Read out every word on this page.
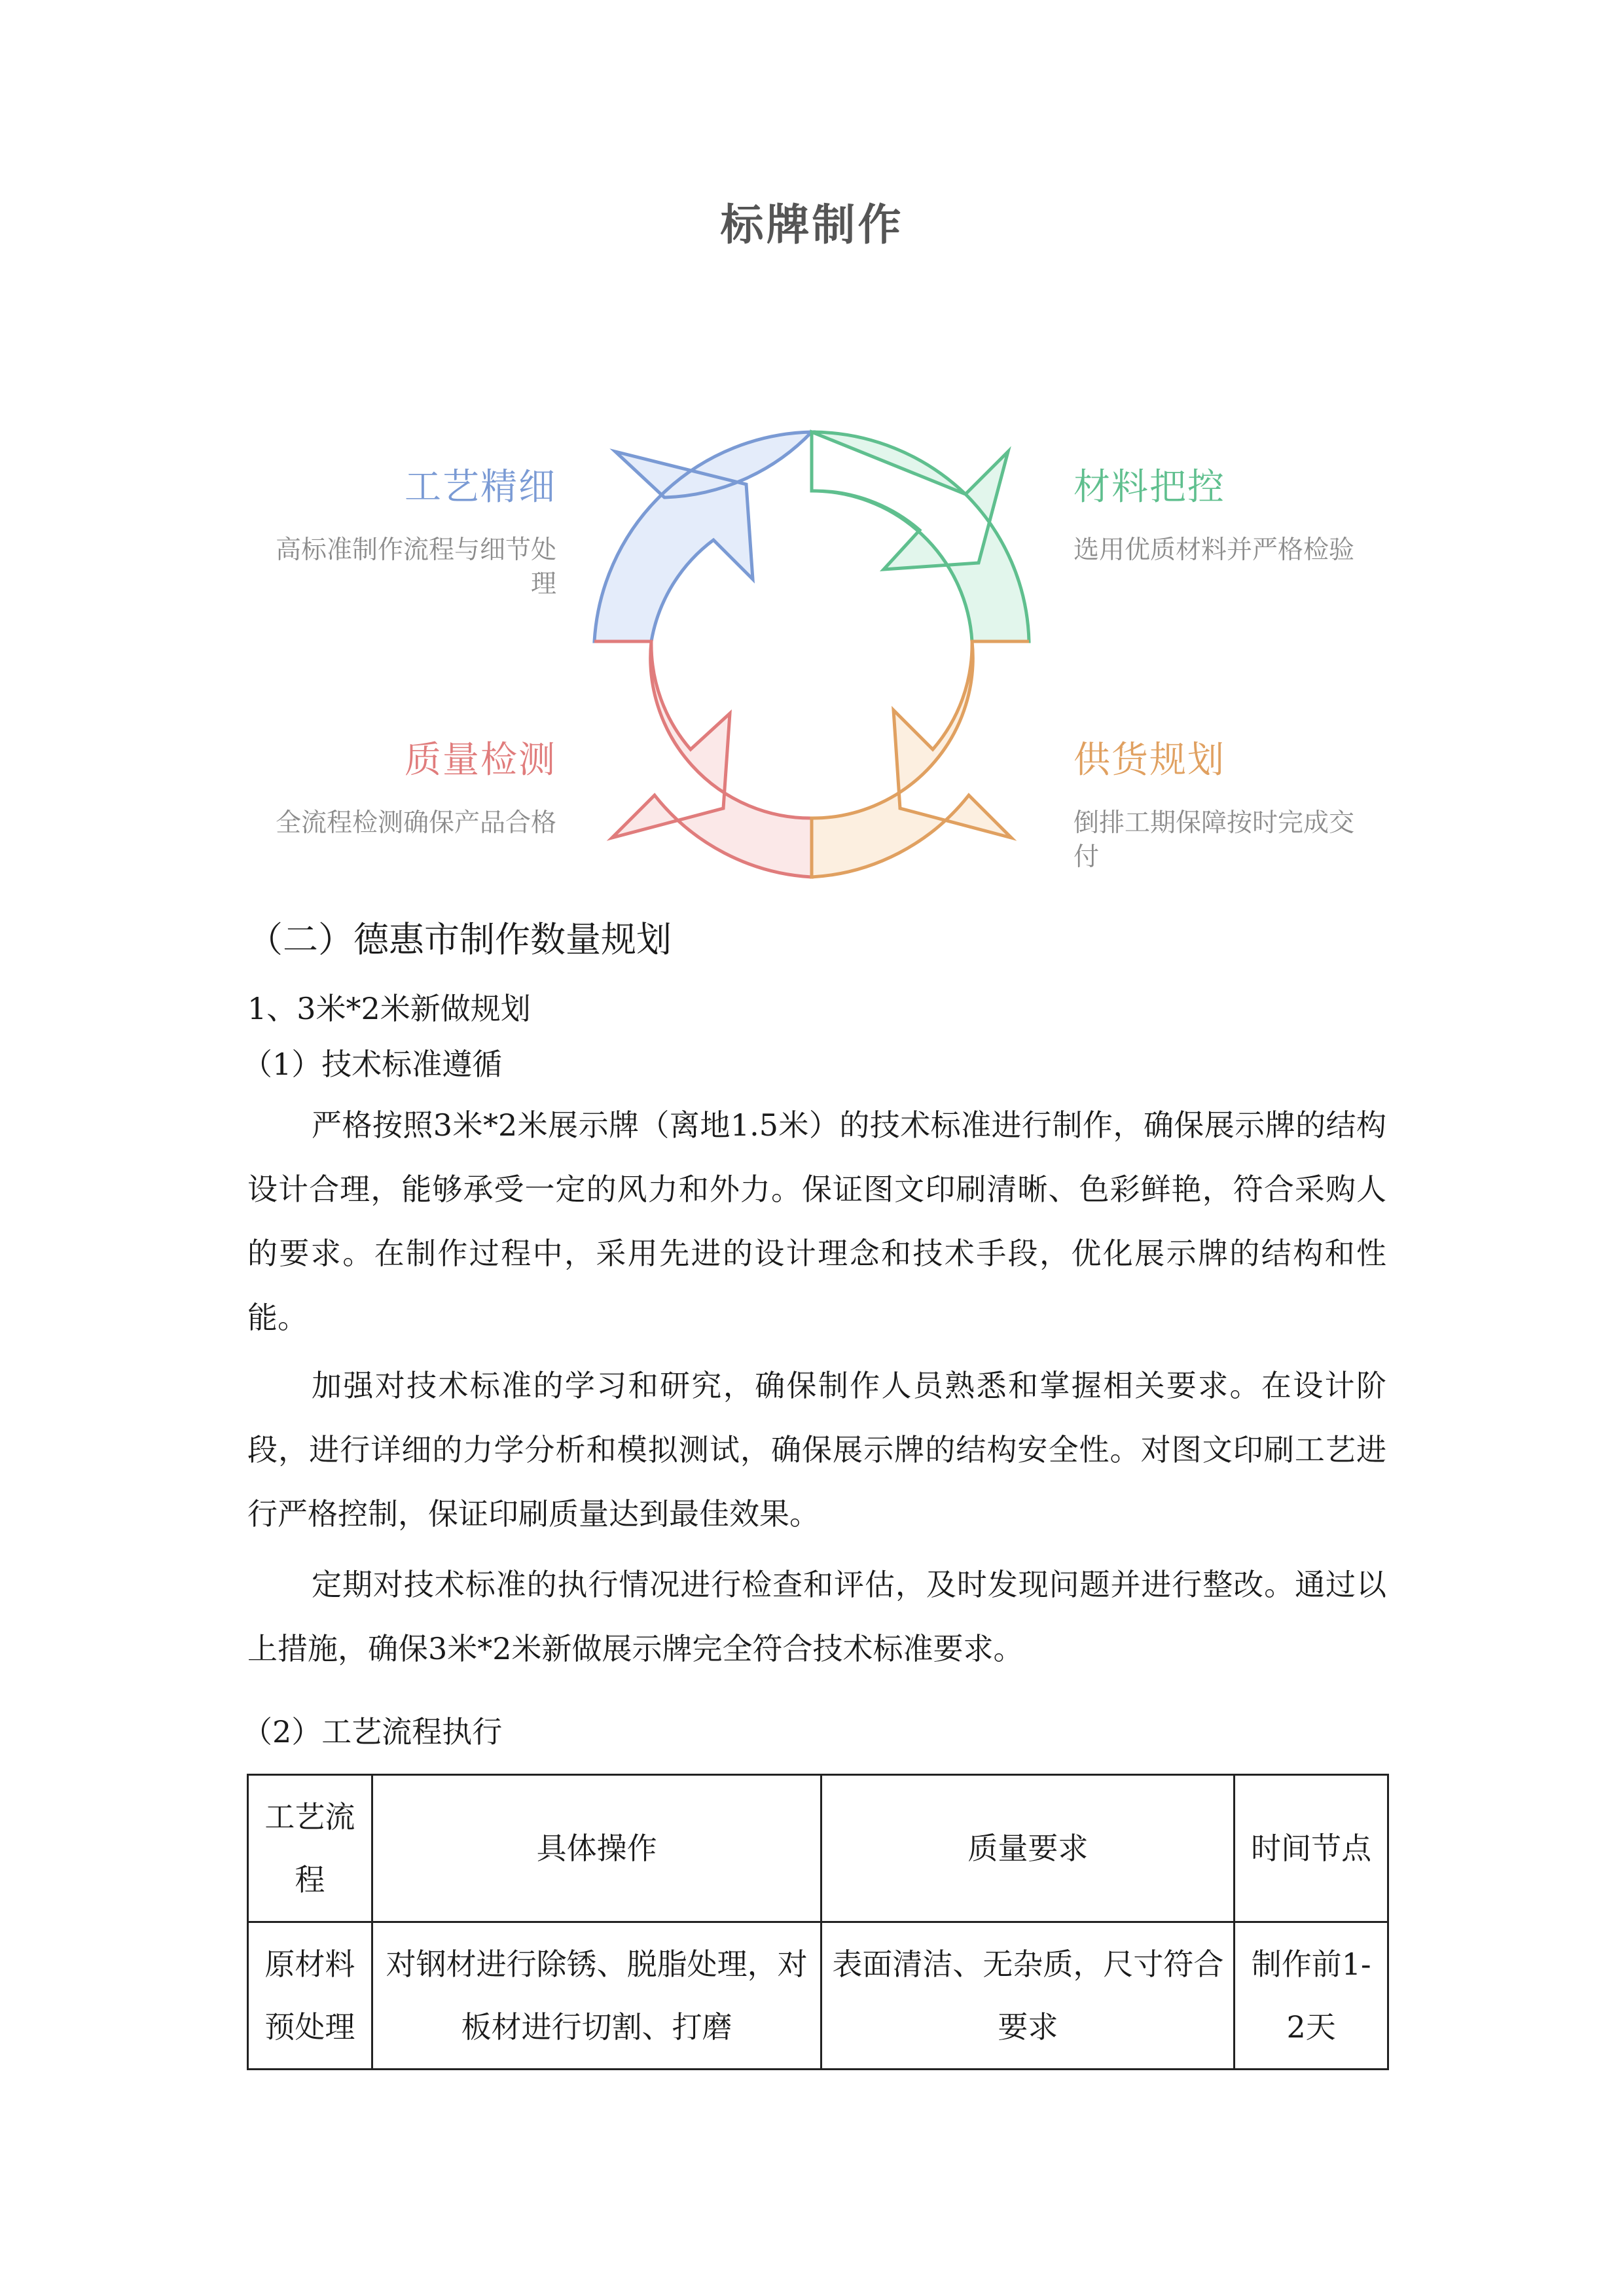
标牌制作
工艺精细
高标准制作流程与细节处理
材料把控
选用优质材料并严格检验
质量检测
全流程检测确保产品合格
供货规划
倒排工期保障按时完成交付
（二）德惠市制作数量规划
1、3米*2米新做规划
（1）技术标准遵循

严格按照3米*2米展示牌（离地1.5米）的技术标准进行制作，确保展示牌的结构设计合理，能够承受一定的风力和外力。保证图文印刷清晰、色彩鲜艳，符合采购人的要求。在制作过程中，采用先进的设计理念和技术手段，优化展示牌的结构和性能。

加强对技术标准的学习和研究，确保制作人员熟悉和掌握相关要求。在设计阶段，进行详细的力学分析和模拟测试，确保展示牌的结构安全性。对图文印刷工艺进行严格控制，保证印刷质量达到最佳效果。

定期对技术标准的执行情况进行检查和评估，及时发现问题并进行整改。通过以上措施，确保3米*2米新做展示牌完全符合技术标准要求。

（2）工艺流程执行
工艺流程	具体操作	质量要求	时间节点
原材料预处理	对钢材进行除锈、脱脂处理，对板材进行切割、打磨	表面清洁、无杂质，尺寸符合要求	制作前1-2天
